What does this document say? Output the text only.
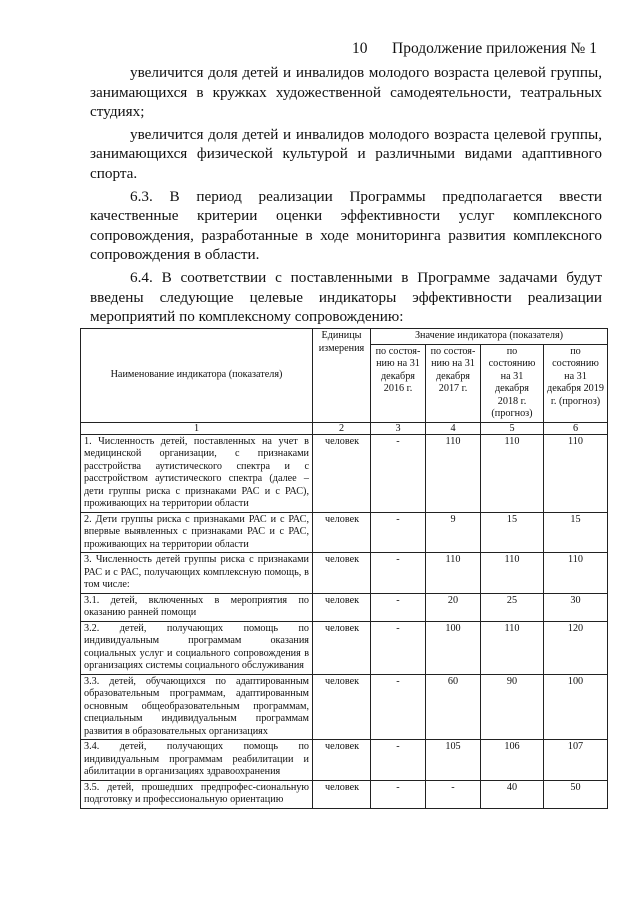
10 Продолжение приложения № 1

увеличится доля детей и инвалидов молодого возраста целевой группы, занимающихся в кружках художественной самодеятельности, театральных студиях;

увеличится доля детей и инвалидов молодого возраста целевой группы, занимающихся физической культурой и различными видами адаптивного спорта.

6.3. В период реализации Программы предполагается ввести качественные критерии оценки эффективности услуг комплексного сопровождения, разработанные в ходе мониторинга развития комплексного сопровождения в области.

6.4. В соответствии с поставленными в Программе задачами будут введены следующие целевые индикаторы эффективности реализации мероприятий по комплексному сопровождению:

Наименование индикатора (показателя)	Единицы измерения	Значение индикатора (показателя)			
		по состоя-нию на 31 декабря 2016 г.	по состоя-нию на 31 декабря 2017 г.	по состоянию на 31 декабря 2018 г. (прогноз)	по состоянию на 31 декабря 2019 г. (прогноз)
1	2	3	4	5	6
1. Численность детей, поставленных на учет в медицинской организации, с признаками расстройства аутистического спектра и с расстройством аутистического спектра (далее – дети группы риска с признаками РАС и с РАС), проживающих на территории области	человек	-	110	110	110
2. Дети группы риска с признаками РАС и с РАС, впервые выявленных с признаками РАС и с РАС, проживающих на территории области	человек	-	9	15	15
3. Численность детей группы риска с признаками РАС и с РАС, получающих комплексную помощь, в том числе:	человек	-	110	110	110
3.1. детей, включенных в мероприятия по оказанию ранней помощи	человек	-	20	25	30
3.2. детей, получающих помощь по индивидуальным программам оказания социальных услуг и социального сопровождения в организациях системы социального обслуживания	человек	-	100	110	120
3.3. детей, обучающихся по адаптированным образовательным программам, адаптированным основным общеобразовательным программам, специальным индивидуальным программам развития в образовательных организациях	человек	-	60	90	100
3.4. детей, получающих помощь по индивидуальным программам реабилитации и абилитации в организациях здравоохранения	человек	-	105	106	107
3.5. детей, прошедших предпрофес-сиональную подготовку и профессиональную ориентацию	человек	-	-	40	50
